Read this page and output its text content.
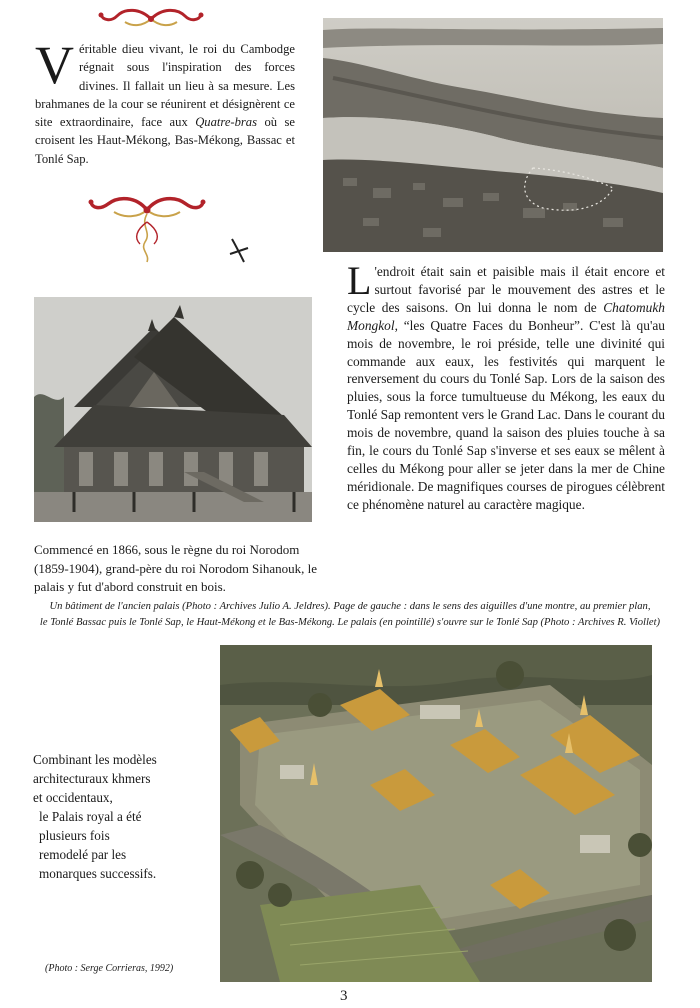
Véritable dieu vivant, le roi du Cambodge régnait sous l'inspiration des forces divines. Il fallait un lieu à sa mesure. Les brahmanes de la cour se réunirent et désignèrent ce site extraordinaire, face aux Quatre-bras où se croisent les Haut-Mékong, Bas-Mékong, Bassac et Tonlé Sap.
L 'endroit était sain et paisible mais il était encore et surtout favorisé par le mouvement des astres et le cycle des saisons. On lui donna le nom de Chatomukh Mongkol, “les Quatre Faces du Bonheur”. C'est là qu'au mois de novembre, le roi préside, telle une divinité qui commande aux eaux, les festivités qui marquent le renversement du cours du Tonlé Sap. Lors de la saison des pluies, sous la force tumultueuse du Mékong, les eaux du Tonlé Sap remontent vers le Grand Lac. Dans le courant du mois de novembre, quand la saison des pluies touche à sa fin, le cours du Tonlé Sap s'inverse et ses eaux se mêlent à celles du Mékong pour aller se jeter dans la mer de Chine méridionale. De magnifiques courses de pirogues célèbrent ce phénomène naturel au caractère magique.
Commencé en 1866, sous le règne du roi Norodom (1859-1904), grand-père du roi Norodom Sihanouk, le palais y fut d'abord construit en bois.
Un bâtiment de l'ancien palais (Photo : Archives Julio A. Jeldres). Page de gauche : dans le sens des aiguilles d'une montre, au premier plan,
le Tonlé Bassac puis le Tonlé Sap, le Haut-Mékong et le Bas-Mékong. Le palais (en pointillé) s'ouvre sur le Tonlé Sap (Photo : Archives R. Viollet)
Combinant les modèles
architecturaux khmers
et occidentaux,
le Palais royal a été
plusieurs fois
remodelé par les
monarques successifs.
(Photo : Serge Corrieras, 1992)
3
